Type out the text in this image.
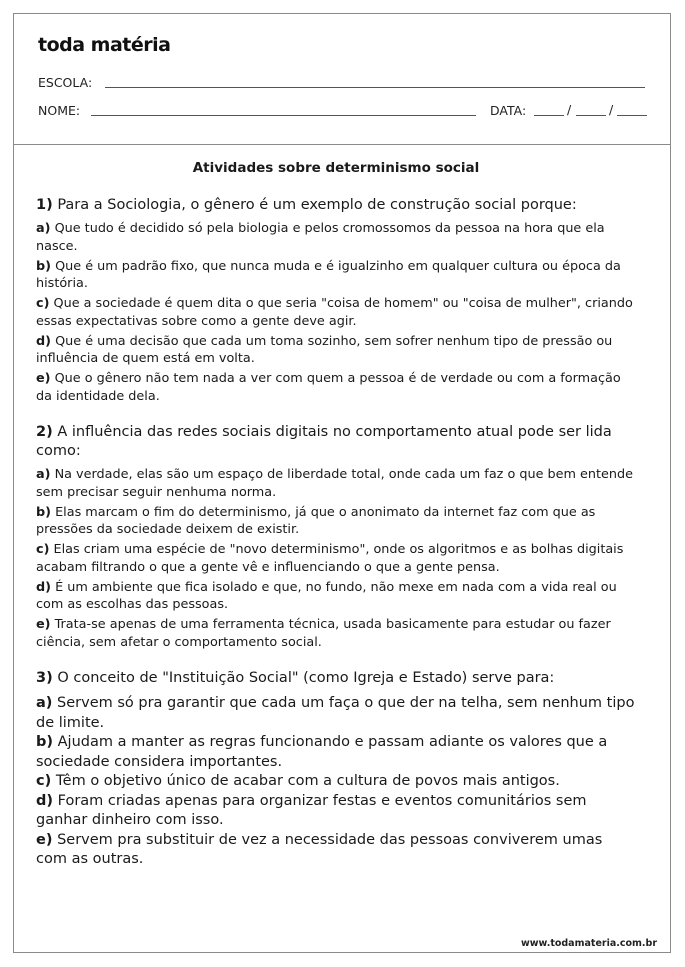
toda matéria
ESCOLA:
NOME:	DATA:	/	/
Atividades sobre determinismo social

1) Para a Sociologia, o gênero é um exemplo de construção social porque:

a) Que tudo é decidido só pela biologia e pelos cromossomos da pessoa na hora que ela nasce.

b) Que é um padrão fixo, que nunca muda e é igualzinho em qualquer cultura ou época da história.

c) Que a sociedade é quem dita o que seria "coisa de homem" ou "coisa de mulher", criando essas expectativas sobre como a gente deve agir.

d) Que é uma decisão que cada um toma sozinho, sem sofrer nenhum tipo de pressão ou influência de quem está em volta.

e) Que o gênero não tem nada a ver com quem a pessoa é de verdade ou com a formação da identidade dela.

2) A influência das redes sociais digitais no comportamento atual pode ser lida como:

a) Na verdade, elas são um espaço de liberdade total, onde cada um faz o que bem entende sem precisar seguir nenhuma norma.

b) Elas marcam o fim do determinismo, já que o anonimato da internet faz com que as pressões da sociedade deixem de existir.

c) Elas criam uma espécie de "novo determinismo", onde os algoritmos e as bolhas digitais acabam filtrando o que a gente vê e influenciando o que a gente pensa.

d) É um ambiente que fica isolado e que, no fundo, não mexe em nada com a vida real ou com as escolhas das pessoas.

e) Trata-se apenas de uma ferramenta técnica, usada basicamente para estudar ou fazer ciência, sem afetar o comportamento social.

3) O conceito de "Instituição Social" (como Igreja e Estado) serve para:

a) Servem só pra garantir que cada um faça o que der na telha, sem nenhum tipo de limite.

b) Ajudam a manter as regras funcionando e passam adiante os valores que a sociedade considera importantes.

c) Têm o objetivo único de acabar com a cultura de povos mais antigos.

d) Foram criadas apenas para organizar festas e eventos comunitários sem ganhar dinheiro com isso.

e) Servem pra substituir de vez a necessidade das pessoas conviverem umas com as outras.

www.todamateria.com.br
